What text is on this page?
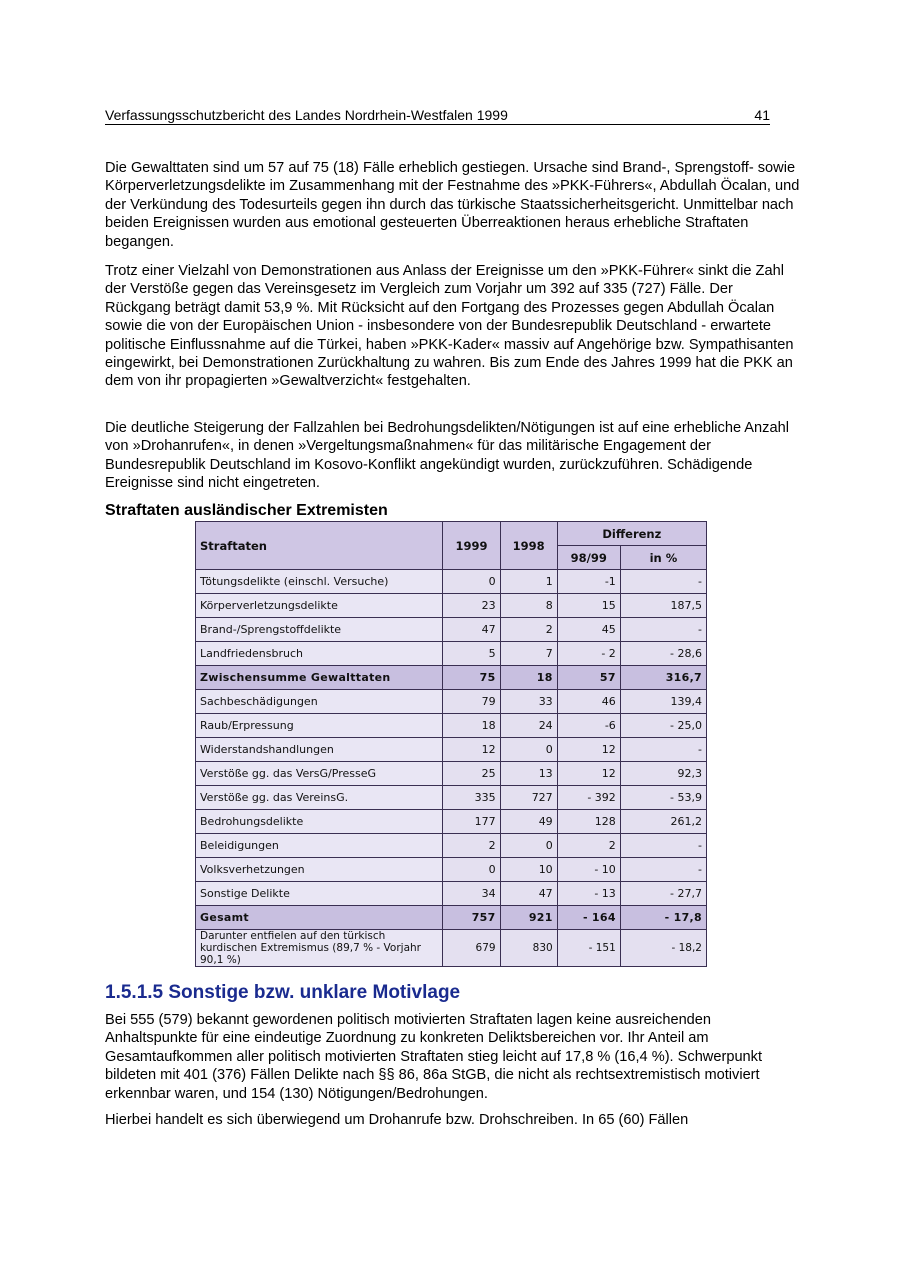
Verfassungsschutzbericht des Landes Nordrhein-Westfalen 1999	41

Die Gewalttaten sind um 57 auf 75 (18) Fälle erheblich gestiegen. Ursache sind Brand-, Sprengstoff- sowie Körperverletzungsdelikte im Zusammenhang mit der Festnahme des »PKK-Führers«, Abdullah Öcalan, und der Verkündung des Todesurteils gegen ihn durch das türkische Staatssicherheitsgericht. Unmittelbar nach beiden Ereignissen wurden aus emotional gesteuerten Überreaktionen heraus erhebliche Straftaten begangen.

Trotz einer Vielzahl von Demonstrationen aus Anlass der Ereignisse um den »PKK-Führer« sinkt die Zahl der Verstöße gegen das Vereinsgesetz im Vergleich zum Vorjahr um 392 auf 335 (727) Fälle. Der Rückgang beträgt damit 53,9 %. Mit Rücksicht auf den Fortgang des Prozesses gegen Abdullah Öcalan sowie die von der Europäischen Union - insbesondere von der Bundesrepublik Deutschland - erwartete politische Einflussnahme auf die Türkei, haben »PKK-Kader« massiv auf Angehörige bzw. Sympathisanten eingewirkt, bei Demonstrationen Zurückhaltung zu wahren. Bis zum Ende des Jahres 1999 hat die PKK an dem von ihr propagierten »Gewaltverzicht« festgehalten.

Die deutliche Steigerung der Fallzahlen bei Bedrohungsdelikten/Nötigungen ist auf eine erhebliche Anzahl von »Drohanrufen«, in denen »Vergeltungsmaßnahmen« für das militärische Engagement der Bundesrepublik Deutschland im Kosovo-Konflikt angekündigt wurden, zurückzuführen. Schädigende Ereignisse sind nicht eingetreten.

Straftaten ausländischer Extremisten
Straftaten	1999	1998	Differenz	
			98/99	in %
Tötungsdelikte (einschl. Versuche)	0	1	-1	-
Körperverletzungsdelikte	23	8	15	187,5
Brand-/Sprengstoffdelikte	47	2	45	-
Landfriedensbruch	5	7	- 2	- 28,6
Zwischensumme Gewalttaten	75	18	57	316,7
Sachbeschädigungen	79	33	46	139,4
Raub/Erpressung	18	24	-6	- 25,0
Widerstandshandlungen	12	0	12	-
Verstöße gg. das VersG/PresseG	25	13	12	92,3
Verstöße gg. das VereinsG.	335	727	- 392	- 53,9
Bedrohungsdelikte	177	49	128	261,2
Beleidigungen	2	0	2	-
Volksverhetzungen	0	10	- 10	-
Sonstige Delikte	34	47	- 13	- 27,7
Gesamt	757	921	- 164	- 17,8
Darunter entfielen auf den türkisch kurdischen Extremismus (89,7 % - Vorjahr 90,1 %)	679	830	- 151	- 18,2
1.5.1.5 Sonstige bzw. unklare Motivlage

Bei 555 (579) bekannt gewordenen politisch motivierten Straftaten lagen keine ausreichenden Anhaltspunkte für eine eindeutige Zuordnung zu konkreten Deliktsbereichen vor. Ihr Anteil am Gesamtaufkommen aller politisch motivierten Straftaten stieg leicht auf 17,8 % (16,4 %). Schwerpunkt bildeten mit 401 (376) Fällen Delikte nach §§ 86, 86a StGB, die nicht als rechtsextremistisch motiviert erkennbar waren, und 154 (130) Nötigungen/Bedrohungen.

Hierbei handelt es sich überwiegend um Drohanrufe bzw. Drohschreiben. In 65 (60) Fällen
